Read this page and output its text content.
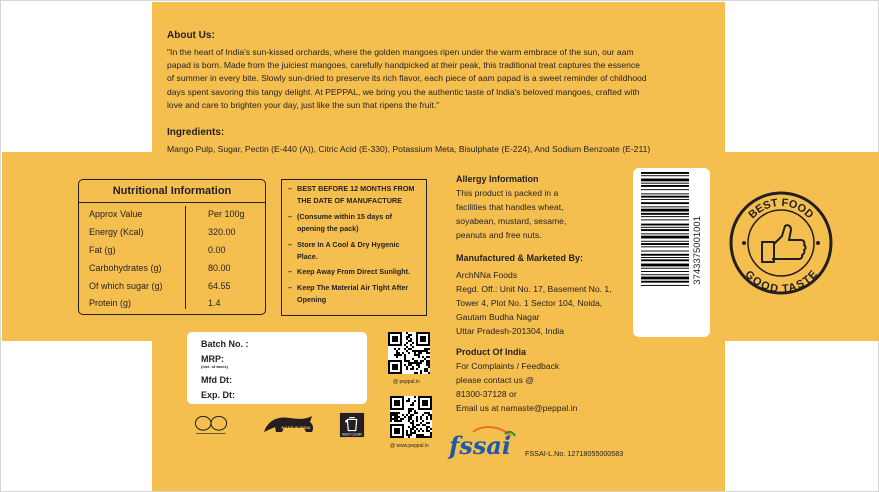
About Us:
"In the heart of India's sun-kissed orchards, where the golden mangoes ripen under the warm embrace of the sun, our aam
papad is born. Made from the juiciest mangoes, carefully handpicked at their peak, this traditional treat captures the essence
of summer in every bite. Slowly sun-dried to preserve its rich flavor, each piece of aam papad is a sweet reminder of childhood
days spent savoring this tangy delight. At PEPPAL, we bring you the authentic taste of India's beloved mangoes, crafted with
love and care to brighten your day, just like the sun that ripens the fruit."
Ingredients:
Mango Pulp, Sugar, Pectin (E-440 (A)), Citric Acid (E-330), Potassium Meta, Bisulphate (E-224), And Sodium Benzoate (E-211)
Nutritional Information
Approx Value	Per 100g
Energy (Kcal)	320.00
Fat (g)	0.00
Carbohydrates (g)	80.00
Of which sugar (g)	64.55
Protein (g)	1.4
– BEST BEFORE 12 MONTHS FROM
THE DATE OF MANUFACTURE
– (Consume within 15 days of
opening the pack)
– Store In A Cool & Dry Hygenic
Place.
– Keep Away From Direct Sunlight.
– Keep The Material Air Tight After
Opening
Allergy Information
This product is packed in a
facilities that handles wheat,
soyabean, mustard, sesame,
peanuts and free nuts.
Manufactured & Marketed By:
ArchNNa Foods
Regd. Off.: Unit No. 17, Basement No. 1,
Tower 4, Plot No. 1 Sector 104, Noida,
Gautam Budha Nagar
Uttar Pradesh-201304, India
Product Of India
For Complaints / Feedback
please contact us @
81300-37128 or
Email us at namaste@peppal.in
3743375001001
BEST FOOD
GOOD TASTE
Batch No. :
MRP:
(incl. of taxes)
Mfd Dt:
Exp. Dt:
@ peppal.in
@ www.peppal.in
MAKE IN INDIA
KEEP CLEAN	fssai FSSAI-L.No. 12718055000583
